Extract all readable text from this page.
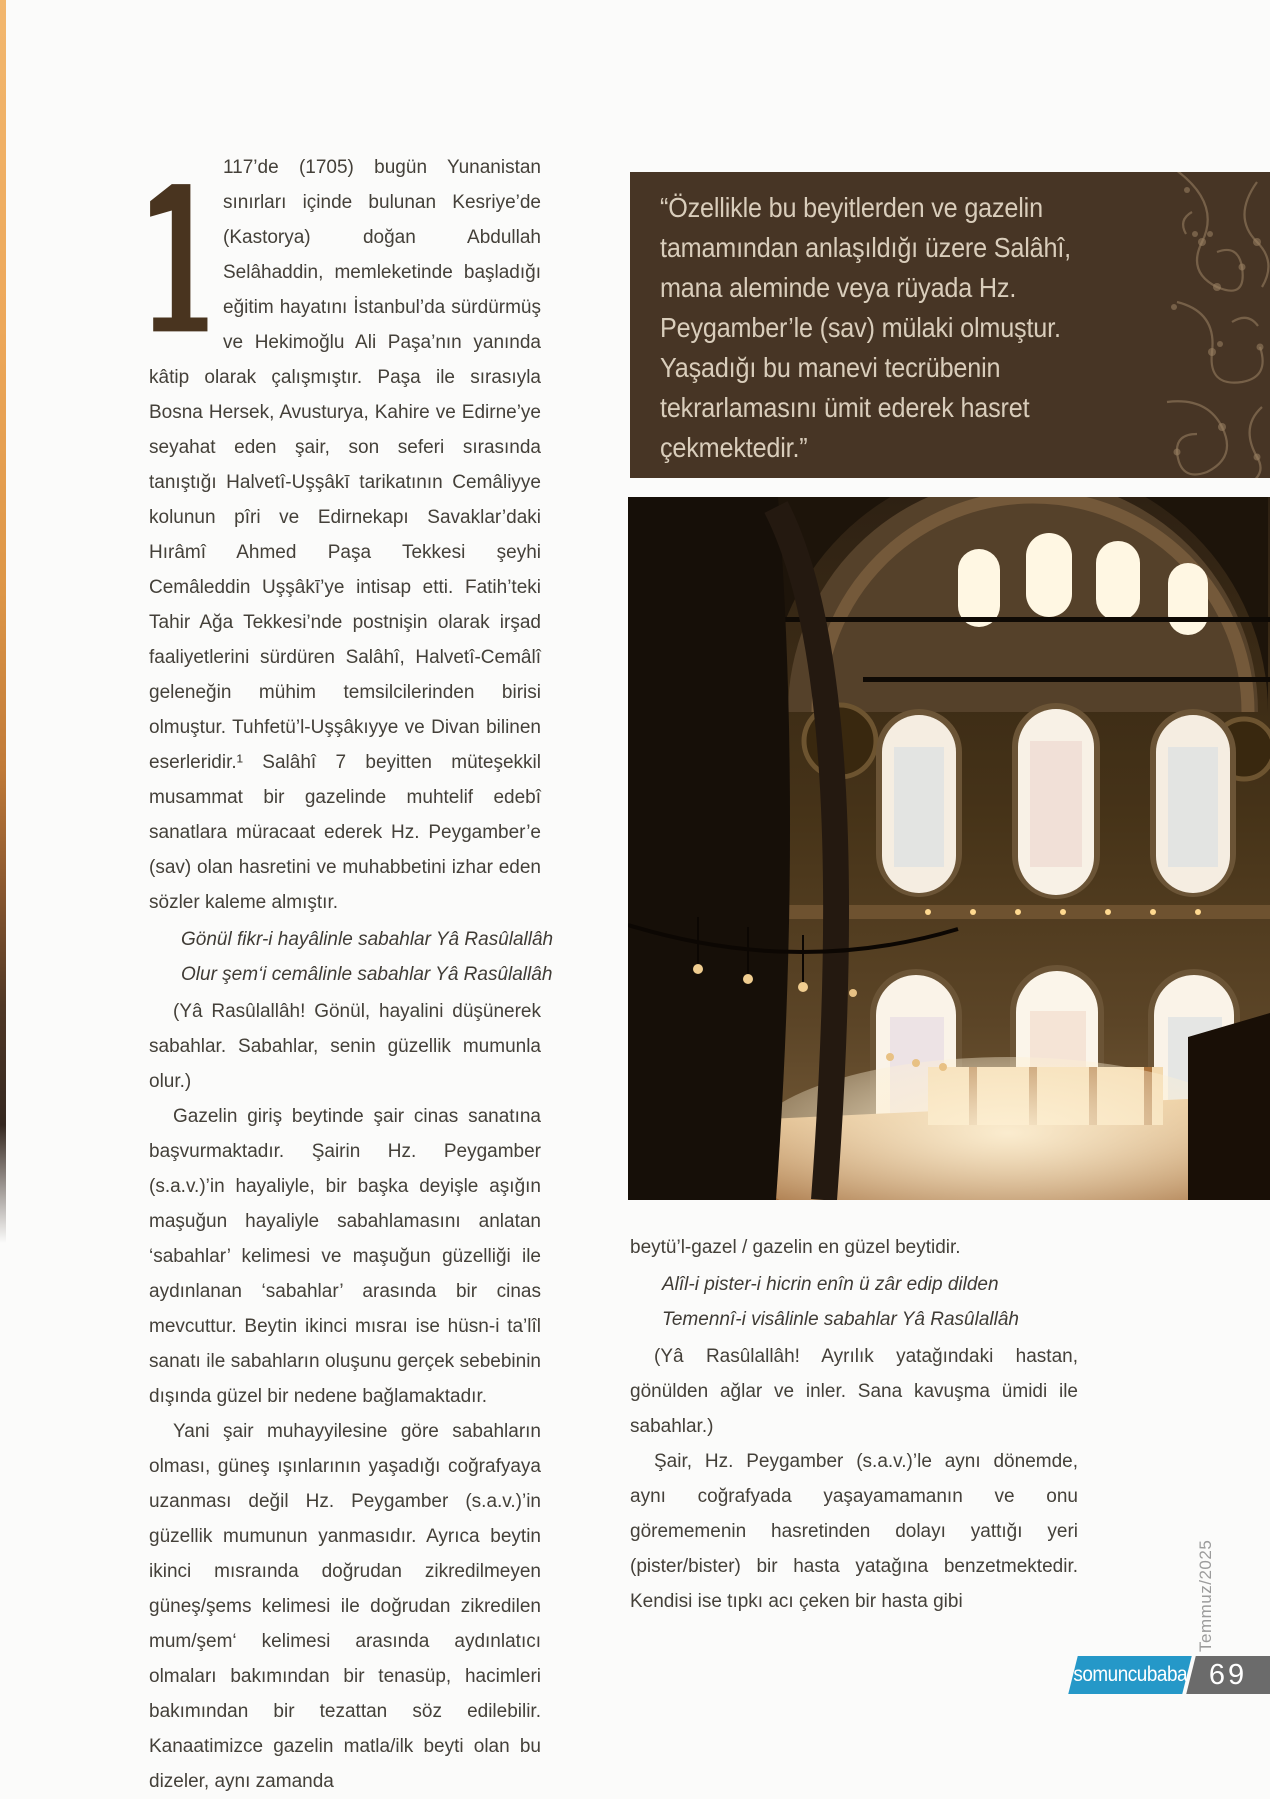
117’de (1705) bugün Yunanistan sınırları içinde bulunan Kesriye’de (Kastorya) doğan Abdullah Selâhaddin, memleketinde başladığı eğitim hayatını İstanbul’da sürdürmüş ve Hekimoğlu Ali Paşa’nın yanında kâtip olarak çalışmıştır. Paşa ile sırasıyla Bosna Hersek, Avusturya, Kahire ve Edirne’ye seyahat eden şair, son seferi sırasında tanıştığı Halvetî-Uşşâkī tarikatının Cemâliyye kolunun pîri ve Edirnekapı Savaklar’daki Hırâmî Ahmed Paşa Tekkesi şeyhi Cemâleddin Uşşâkī’ye intisap etti. Fatih’teki Tahir Ağa Tekkesi’nde postnişin olarak irşad faaliyetlerini sürdüren Salâhî, Halvetî-Cemâlî geleneğin mühim temsilcilerinden birisi olmuştur. Tuhfetü’l-Uşşâkıyye ve Divan bilinen eserleridir.¹ Salâhî 7 beyitten müteşekkil musammat bir gazelinde muhtelif edebî sanatlara müracaat ederek Hz. Peygamber’e (sav) olan hasretini ve muhabbetini izhar eden sözler kaleme almıştır.

Gönül fikr-i hayâlinle sabahlar Yâ Rasûlallâh
Olur şem‘i cemâlinle sabahlar Yâ Rasûlallâh

(Yâ Rasûlallâh! Gönül, hayalini düşünerek sabahlar. Sabahlar, senin güzellik mumunla olur.)

Gazelin giriş beytinde şair cinas sanatına başvurmaktadır. Şairin Hz. Peygamber (s.a.v.)’in hayaliyle, bir başka deyişle aşığın maşuğun hayaliyle sabahlamasını anlatan ‘sabahlar’ kelimesi ve maşuğun güzelliği ile aydınlanan ‘sabahlar’ arasında bir cinas mevcuttur. Beytin ikinci mısraı ise hüsn-i ta’lîl sanatı ile sabahların oluşunu gerçek sebebinin dışında güzel bir nedene bağlamaktadır.

Yani şair muhayyilesine göre sabahların olması, güneş ışınlarının yaşadığı coğrafyaya uzanması değil Hz. Peygamber (s.a.v.)’in güzellik mumunun yanmasıdır. Ayrıca beytin ikinci mısraında doğrudan zikredilmeyen güneş/şems kelimesi ile doğrudan zikredilen mum/şem‘ kelimesi arasında aydınlatıcı olmaları bakımından bir tenasüp, hacimleri bakımından bir tezattan söz edilebilir. Kanaatimizce gazelin matla/ilk beyti olan bu dizeler, aynı zamanda

“Özellikle bu beyitlerden ve gazelin
tamamından anlaşıldığı üzere Salâhî,
mana aleminde veya rüyada Hz.
Peygamber’le (sav) mülaki olmuştur.
Yaşadığı bu manevi tecrübenin
tekrarlamasını ümit ederek hasret
çekmektedir.”

beytü’l-gazel / gazelin en güzel beytidir.

Alîl-i pister-i hicrin enîn ü zâr edip dilden
Temennî-i visâlinle sabahlar Yâ Rasûlallâh

(Yâ Rasûlallâh! Ayrılık yatağındaki hastan, gönülden ağlar ve inler. Sana kavuşma ümidi ile sabahlar.)

Şair, Hz. Peygamber (s.a.v.)’le aynı dönemde, aynı coğrafyada yaşayamamanın ve onu görememenin hasretinden dolayı yattığı yeri (pister/bister) bir hasta yatağına benzetmektedir. Kendisi ise tıpkı acı çeken bir hasta gibi	Temmuz/2025
somuncubaba 69
